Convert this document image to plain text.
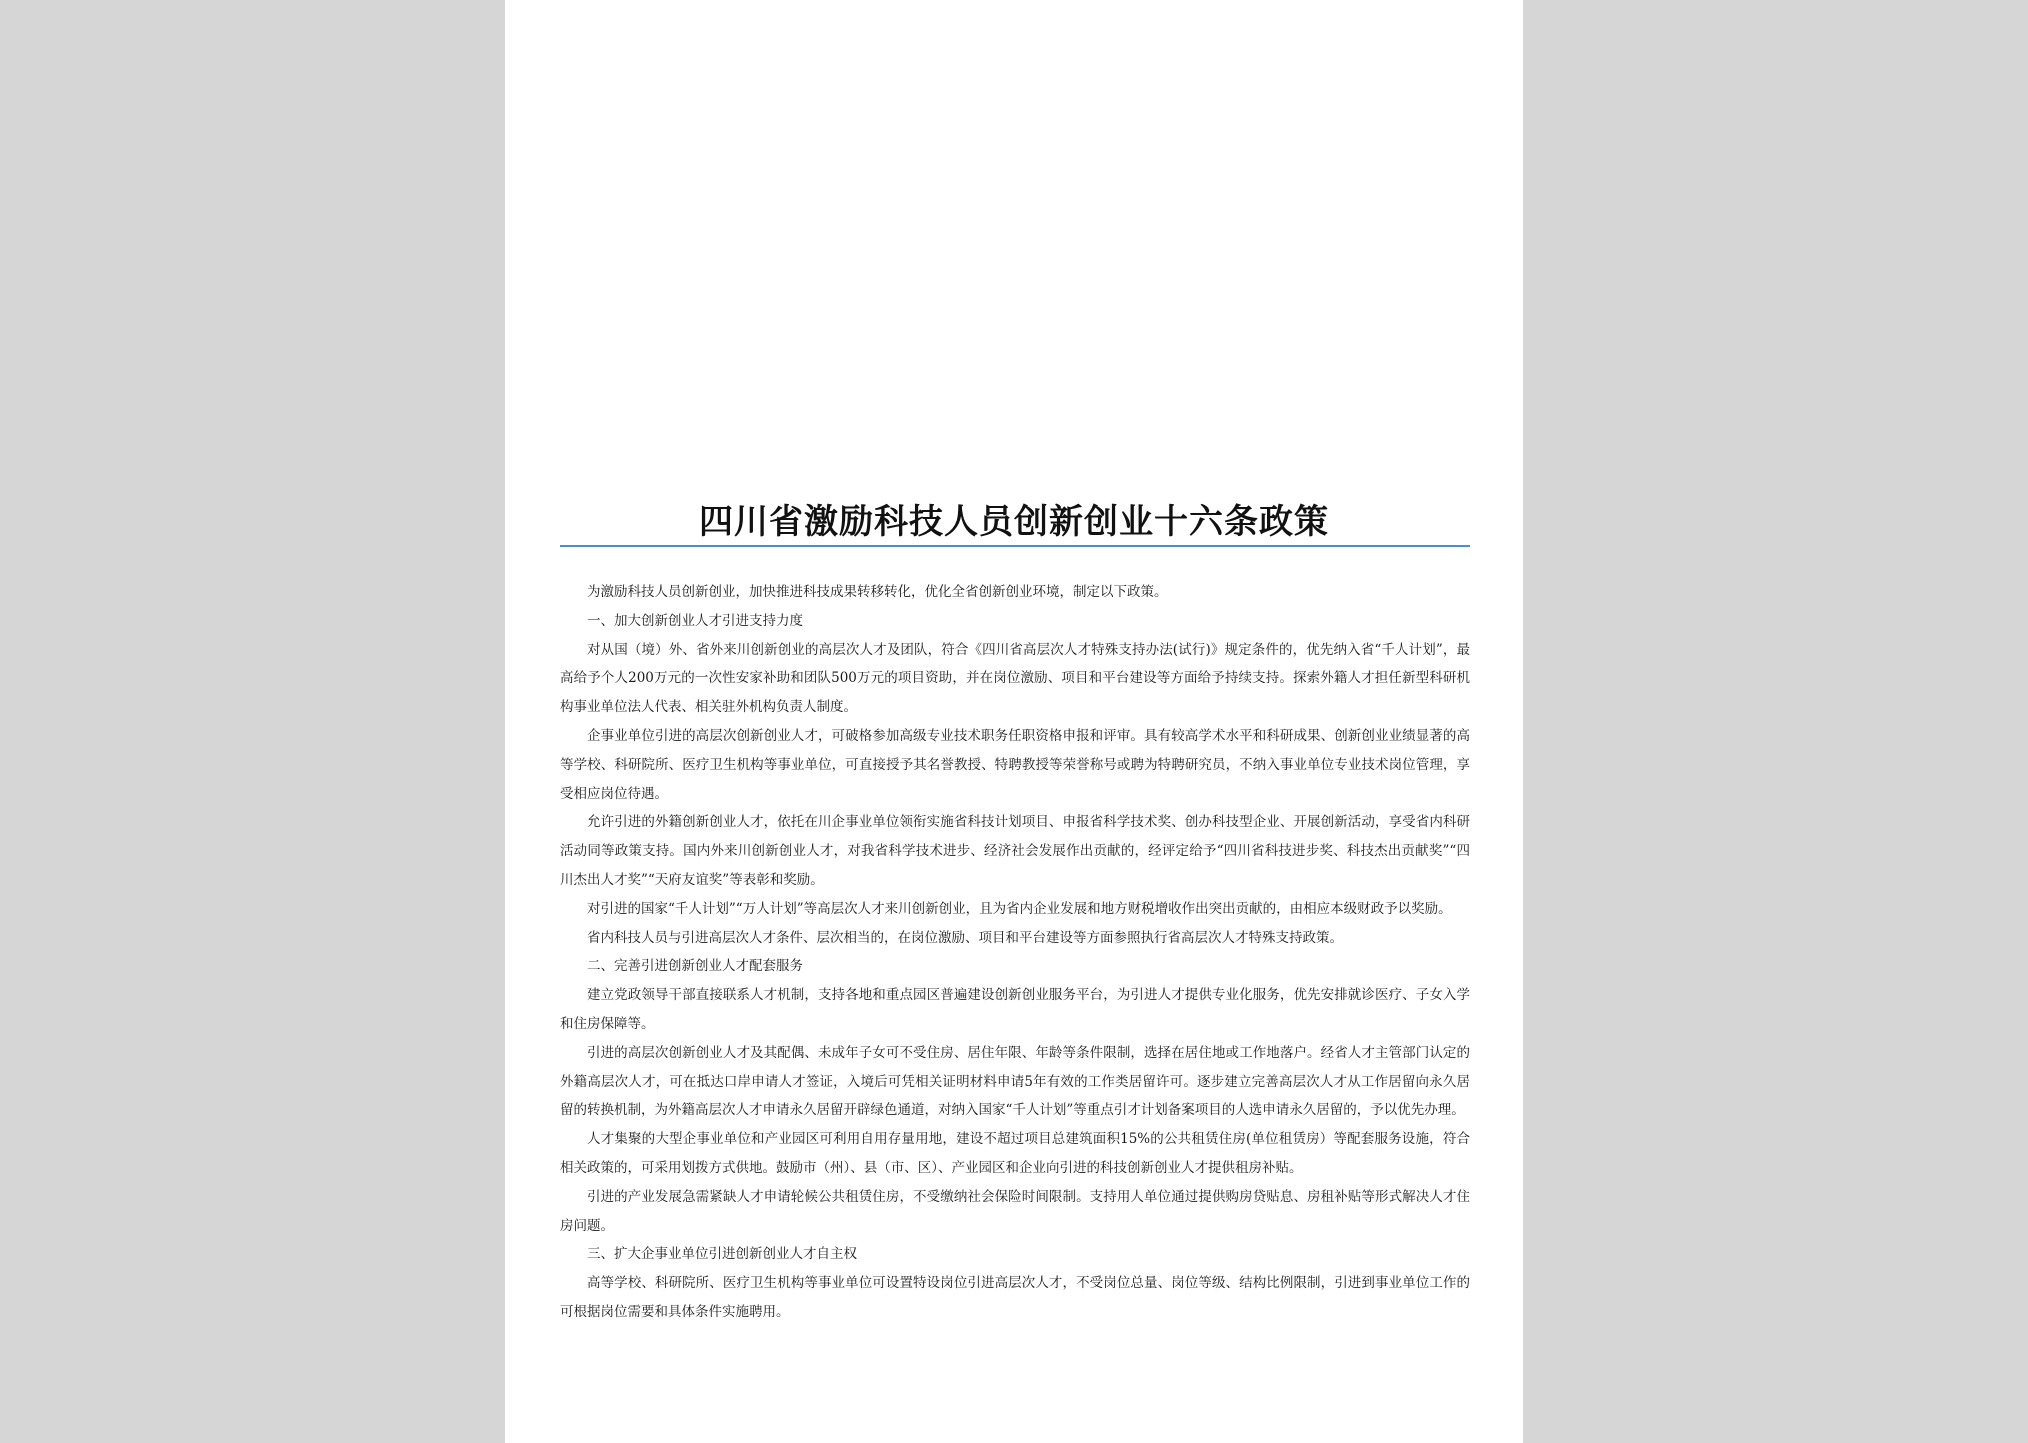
四川省激励科技人员创新创业十六条政策

为激励科技人员创新创业，加快推进科技成果转移转化，优化全省创新创业环境，制定以下政策。

一、加大创新创业人才引进支持力度

对从国（境）外、省外来川创新创业的高层次人才及团队，符合《四川省高层次人才特殊支持办法(试行)》规定条件的，优先纳入省“千人计划”，最高给予个人200万元的一次性安家补助和团队500万元的项目资助，并在岗位激励、项目和平台建设等方面给予持续支持。探索外籍人才担任新型科研机构事业单位法人代表、相关驻外机构负责人制度。

企事业单位引进的高层次创新创业人才，可破格参加高级专业技术职务任职资格申报和评审。具有较高学术水平和科研成果、创新创业业绩显著的高等学校、科研院所、医疗卫生机构等事业单位，可直接授予其名誉教授、特聘教授等荣誉称号或聘为特聘研究员，不纳入事业单位专业技术岗位管理，享受相应岗位待遇。

允许引进的外籍创新创业人才，依托在川企事业单位领衔实施省科技计划项目、申报省科学技术奖、创办科技型企业、开展创新活动，享受省内科研活动同等政策支持。国内外来川创新创业人才，对我省科学技术进步、经济社会发展作出贡献的，经评定给予“四川省科技进步奖、科技杰出贡献奖”“四川杰出人才奖”“天府友谊奖”等表彰和奖励。

对引进的国家“千人计划”“万人计划”等高层次人才来川创新创业，且为省内企业发展和地方财税增收作出突出贡献的，由相应本级财政予以奖励。

省内科技人员与引进高层次人才条件、层次相当的，在岗位激励、项目和平台建设等方面参照执行省高层次人才特殊支持政策。

二、完善引进创新创业人才配套服务

建立党政领导干部直接联系人才机制，支持各地和重点园区普遍建设创新创业服务平台，为引进人才提供专业化服务，优先安排就诊医疗、子女入学和住房保障等。

引进的高层次创新创业人才及其配偶、未成年子女可不受住房、居住年限、年龄等条件限制，选择在居住地或工作地落户。经省人才主管部门认定的外籍高层次人才，可在抵达口岸申请人才签证，入境后可凭相关证明材料申请5年有效的工作类居留许可。逐步建立完善高层次人才从工作居留向永久居留的转换机制，为外籍高层次人才申请永久居留开辟绿色通道，对纳入国家“千人计划”等重点引才计划备案项目的人选申请永久居留的，予以优先办理。

人才集聚的大型企事业单位和产业园区可利用自用存量用地，建设不超过项目总建筑面积15%的公共租赁住房(单位租赁房）等配套服务设施，符合相关政策的，可采用划拨方式供地。鼓励市（州）、县（市、区）、产业园区和企业向引进的科技创新创业人才提供租房补贴。

引进的产业发展急需紧缺人才申请轮候公共租赁住房，不受缴纳社会保险时间限制。支持用人单位通过提供购房贷贴息、房租补贴等形式解决人才住房问题。

三、扩大企事业单位引进创新创业人才自主权

高等学校、科研院所、医疗卫生机构等事业单位可设置特设岗位引进高层次人才，不受岗位总量、岗位等级、结构比例限制，引进到事业单位工作的可根据岗位需要和具体条件实施聘用。
